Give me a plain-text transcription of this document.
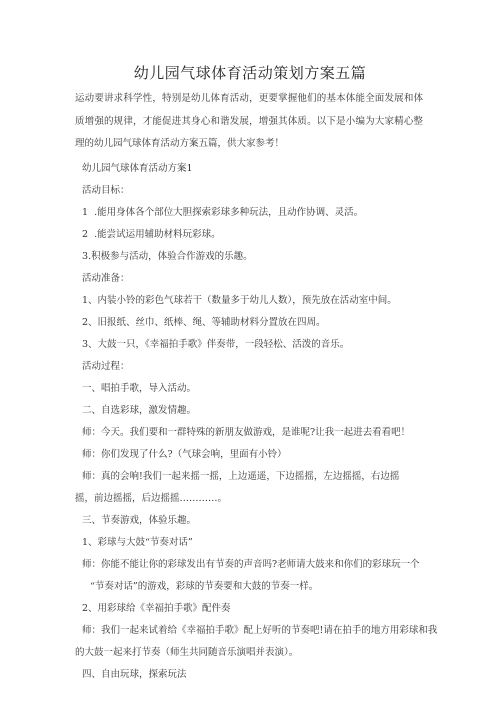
幼儿园气球体育活动策划方案五篇
运动要讲求科学性，特别是幼儿体育活动，更要掌握他们的基本体能全面发展和体质增强的规律，才能促进其身心和谐发展，增强其体质。以下是小编为大家精心整理的幼儿园气球体育活动方案五篇，供大家参考！
幼儿园气球体育活动方案1
活动目标：
1  .能用身体各个部位大胆探索彩球多种玩法，且动作协调、灵活。
2  .能尝试运用辅助材料玩彩球。
3.积极参与活动，体验合作游戏的乐趣。
活动准备：
1、内装小铃的彩色气球若干（数量多于幼儿人数），预先放在活动室中间。
2、旧报纸、丝巾、纸棒、绳、等辅助材料分置放在四周。
3、大鼓一只，《幸福拍手歌》伴奏带，一段轻松、活泼的音乐。
活动过程：
一、唱拍手歌，导入活动。
二、自选彩球，激发情趣。
师：今天。我们要和一群特殊的新朋友做游戏，是谁呢?让我一起进去看看吧！
师：你们发现了什么?（气球会响，里面有小铃）
师：真的会响!我们一起来摇一摇，上边遥遥，下边摇摇，左边摇摇，右边摇
摇，前边摇摇，后边摇摇…………。
三、节奏游戏，体验乐趣。
1、彩球与大鼓“节奏对话”
师：你能不能让你的彩球发出有节奏的声音吗?老师请大鼓来和你们的彩球玩一个
“节奏对话”的游戏，彩球的节奏要和大鼓的节奏一样。
2、用彩球给《幸福拍手歌》配件奏
师：我们一起来试着给《幸福拍手歌》配上好听的节奏吧!请在拍手的地方用彩球和我
的大鼓一起来打节奏（师生共同随音乐演唱并表演）。
四、自由玩球，探索玩法
